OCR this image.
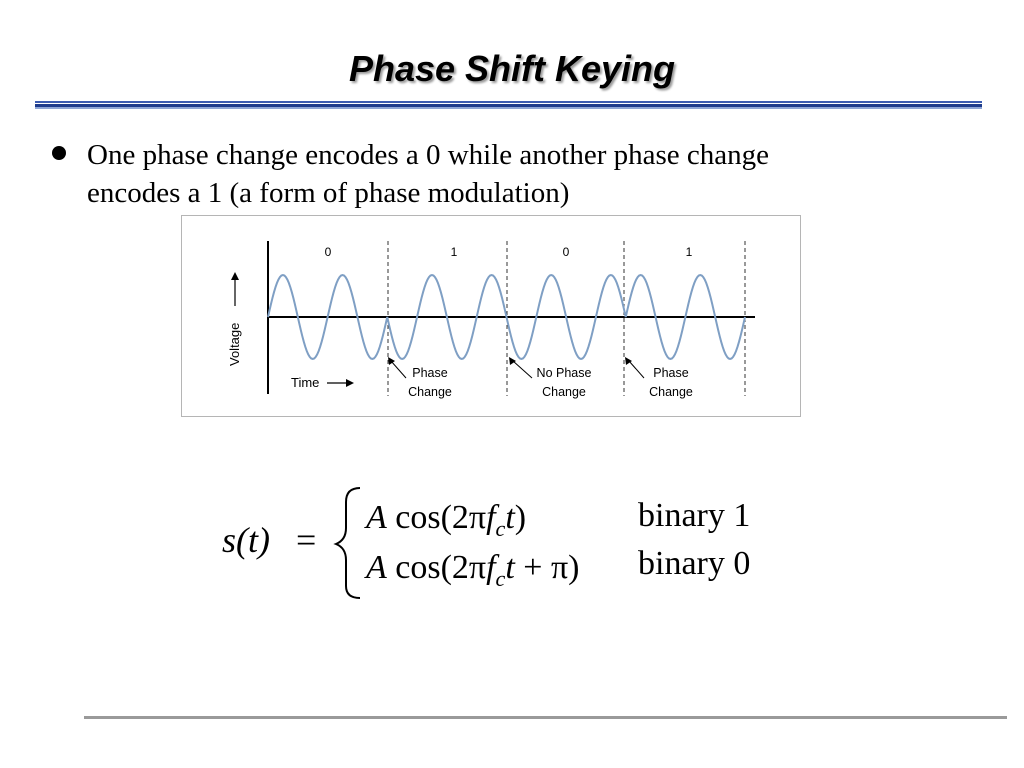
Phase Shift Keying
One phase change encodes a 0 while another phase change
encodes a 1 (a form of phase modulation)
0	1	0	1
Voltage
Time
Phase
Change
No Phase
Change
Phase
Change
s(t) =
A $\cos(2\pi f_ct)$	binary 1
A $\cos(2\pi f_ct + \pi)$ binary 0
